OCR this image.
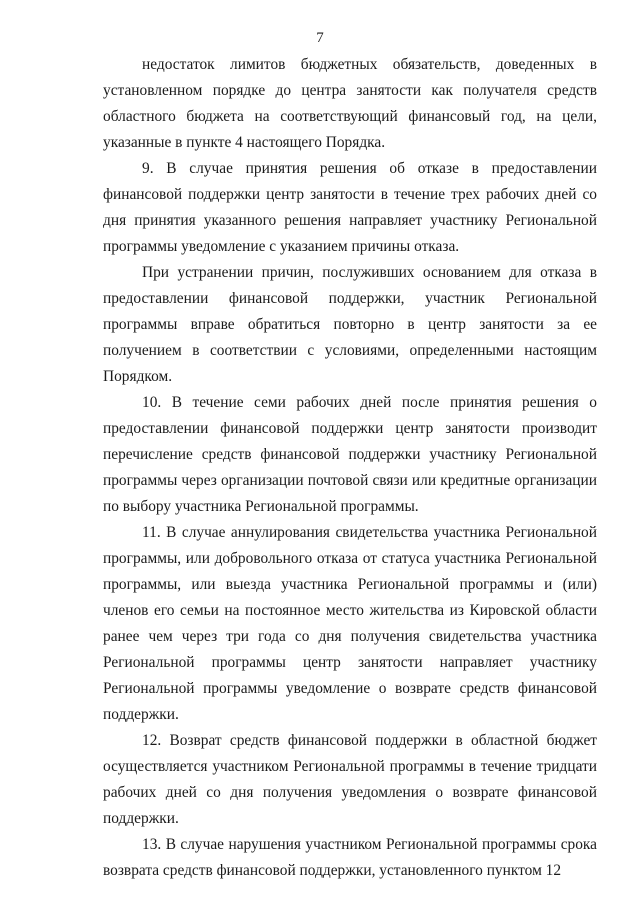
7

недостаток лимитов бюджетных обязательств, доведенных в установленном порядке до центра занятости как получателя средств областного бюджета на соответствующий финансовый год, на цели, указанные в пункте 4 настоящего Порядка.

9. В случае принятия решения об отказе в предоставлении финансовой поддержки центр занятости в течение трех рабочих дней со дня принятия указанного решения направляет участнику Региональной программы уведомление с указанием причины отказа.

При устранении причин, послуживших основанием для отказа в предоставлении финансовой поддержки, участник Региональной программы вправе обратиться повторно в центр занятости за ее получением в соответствии с условиями, определенными настоящим Порядком.

10. В течение семи рабочих дней после принятия решения о предоставлении финансовой поддержки центр занятости производит перечисление средств финансовой поддержки участнику Региональной программы через организации почтовой связи или кредитные организации по выбору участника Региональной программы.

11. В случае аннулирования свидетельства участника Региональной программы, или добровольного отказа от статуса участника Региональной программы, или выезда участника Региональной программы и (или) членов его семьи на постоянное место жительства из Кировской области ранее чем через три года со дня получения свидетельства участника Региональной программы центр занятости направляет участнику Региональной программы уведомление о возврате средств финансовой поддержки.

12. Возврат средств финансовой поддержки в областной бюджет осуществляется участником Региональной программы в течение тридцати рабочих дней со дня получения уведомления о возврате финансовой поддержки.

13. В случае нарушения участником Региональной программы срока возврата средств финансовой поддержки, установленного пунктом 12
